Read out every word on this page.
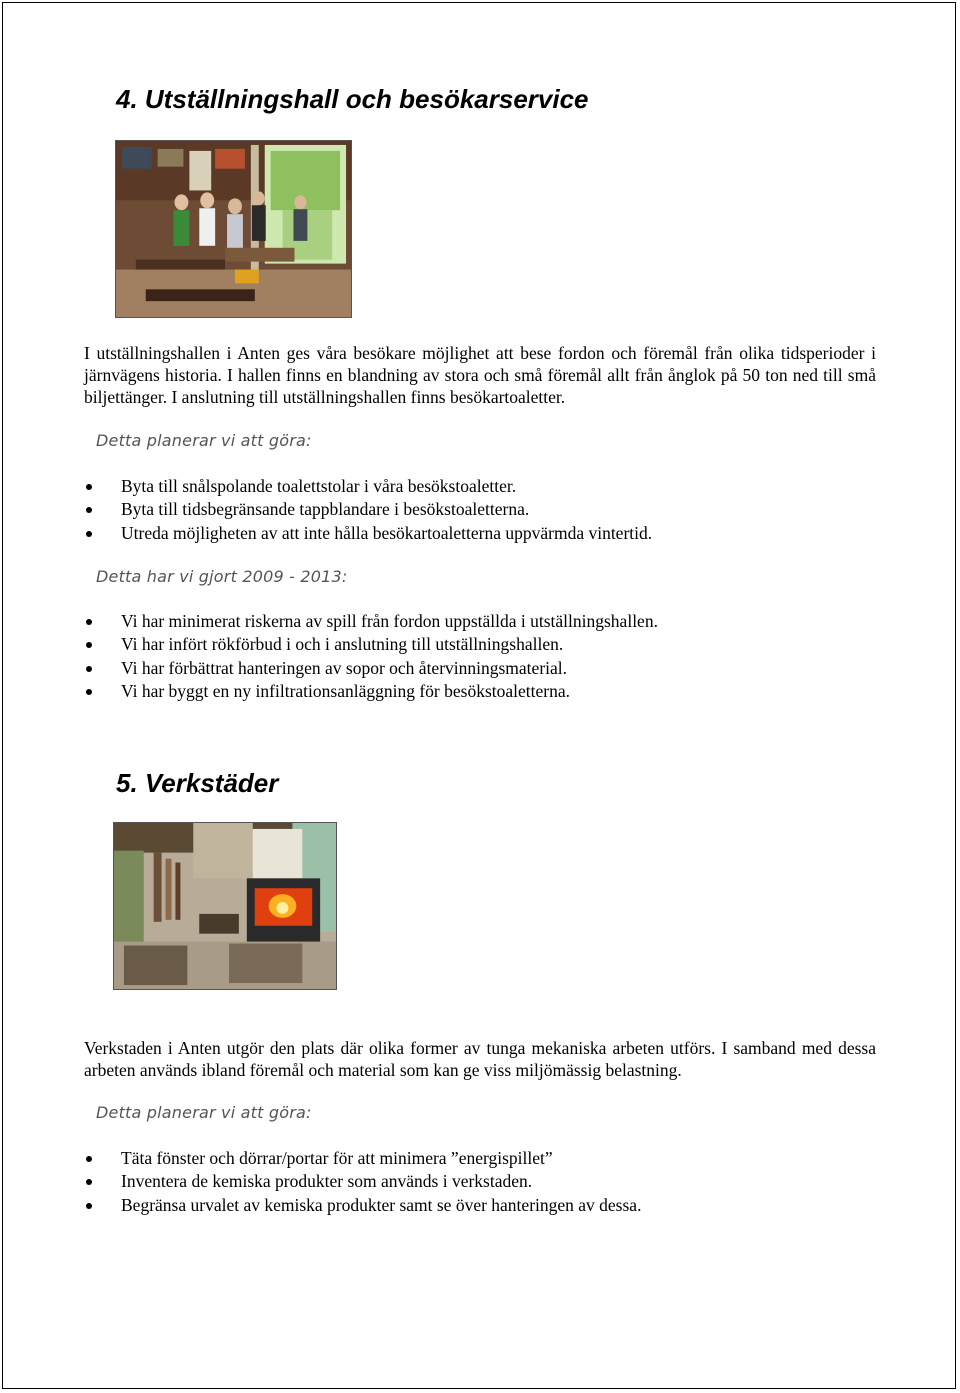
4. Utställningshall och besökarservice

I utställningshallen i Anten ges våra besökare möjlighet att bese fordon och föremål från olika tidsperioder i järnvägens historia. I hallen finns en blandning av stora och små föremål allt från ånglok på 50 ton ned till små biljettänger. I anslutning till utställningshallen finns besökartoaletter.

Detta planerar vi att göra:
Byta till snålspolande toalettstolar i våra besökstoaletter.
Byta till tidsbegränsande tappblandare i besökstoaletterna.
Utreda möjligheten av att inte hålla besökartoaletterna uppvärmda vintertid.
Detta har vi gjort 2009 - 2013:
Vi har minimerat riskerna av spill från fordon uppställda i utställningshallen.
Vi har infört rökförbud i och i anslutning till utställningshallen.
Vi har förbättrat hanteringen av sopor och återvinningsmaterial.
Vi har byggt en ny infiltrationsanläggning för besökstoaletterna.
5. Verkstäder

Verkstaden i Anten utgör den plats där olika former av tunga mekaniska arbeten utförs. I samband med dessa arbeten används ibland föremål och material som kan ge viss miljömässig belastning.

Detta planerar vi att göra:
Täta fönster och dörrar/portar för att minimera ”energispillet”
Inventera de kemiska produkter som används i verkstaden.
Begränsa urvalet av kemiska produkter samt se över hanteringen av dessa.
